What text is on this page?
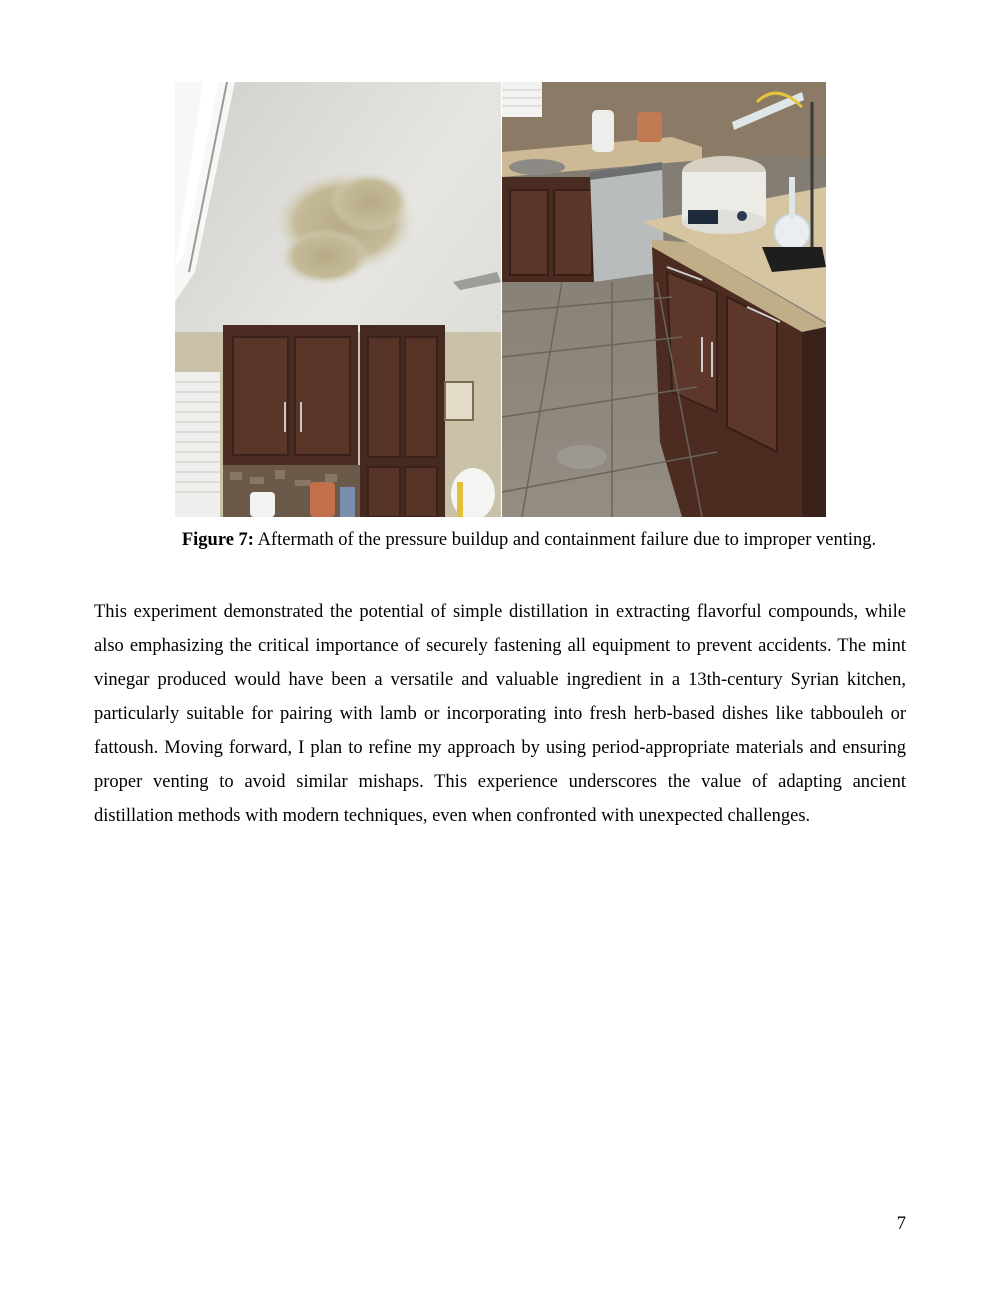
Figure 7: Aftermath of the pressure buildup and containment failure due to improper venting.

This experiment demonstrated the potential of simple distillation in extracting flavorful compounds, while also emphasizing the critical importance of securely fastening all equipment to prevent accidents. The mint vinegar produced would have been a versatile and valuable ingredient in a 13th-century Syrian kitchen, particularly suitable for pairing with lamb or incorporating into fresh herb-based dishes like tabbouleh or fattoush. Moving forward, I plan to refine my approach by using period-appropriate materials and ensuring proper venting to avoid similar mishaps. This experience underscores the value of adapting ancient distillation methods with modern techniques, even when confronted with unexpected challenges.

7
